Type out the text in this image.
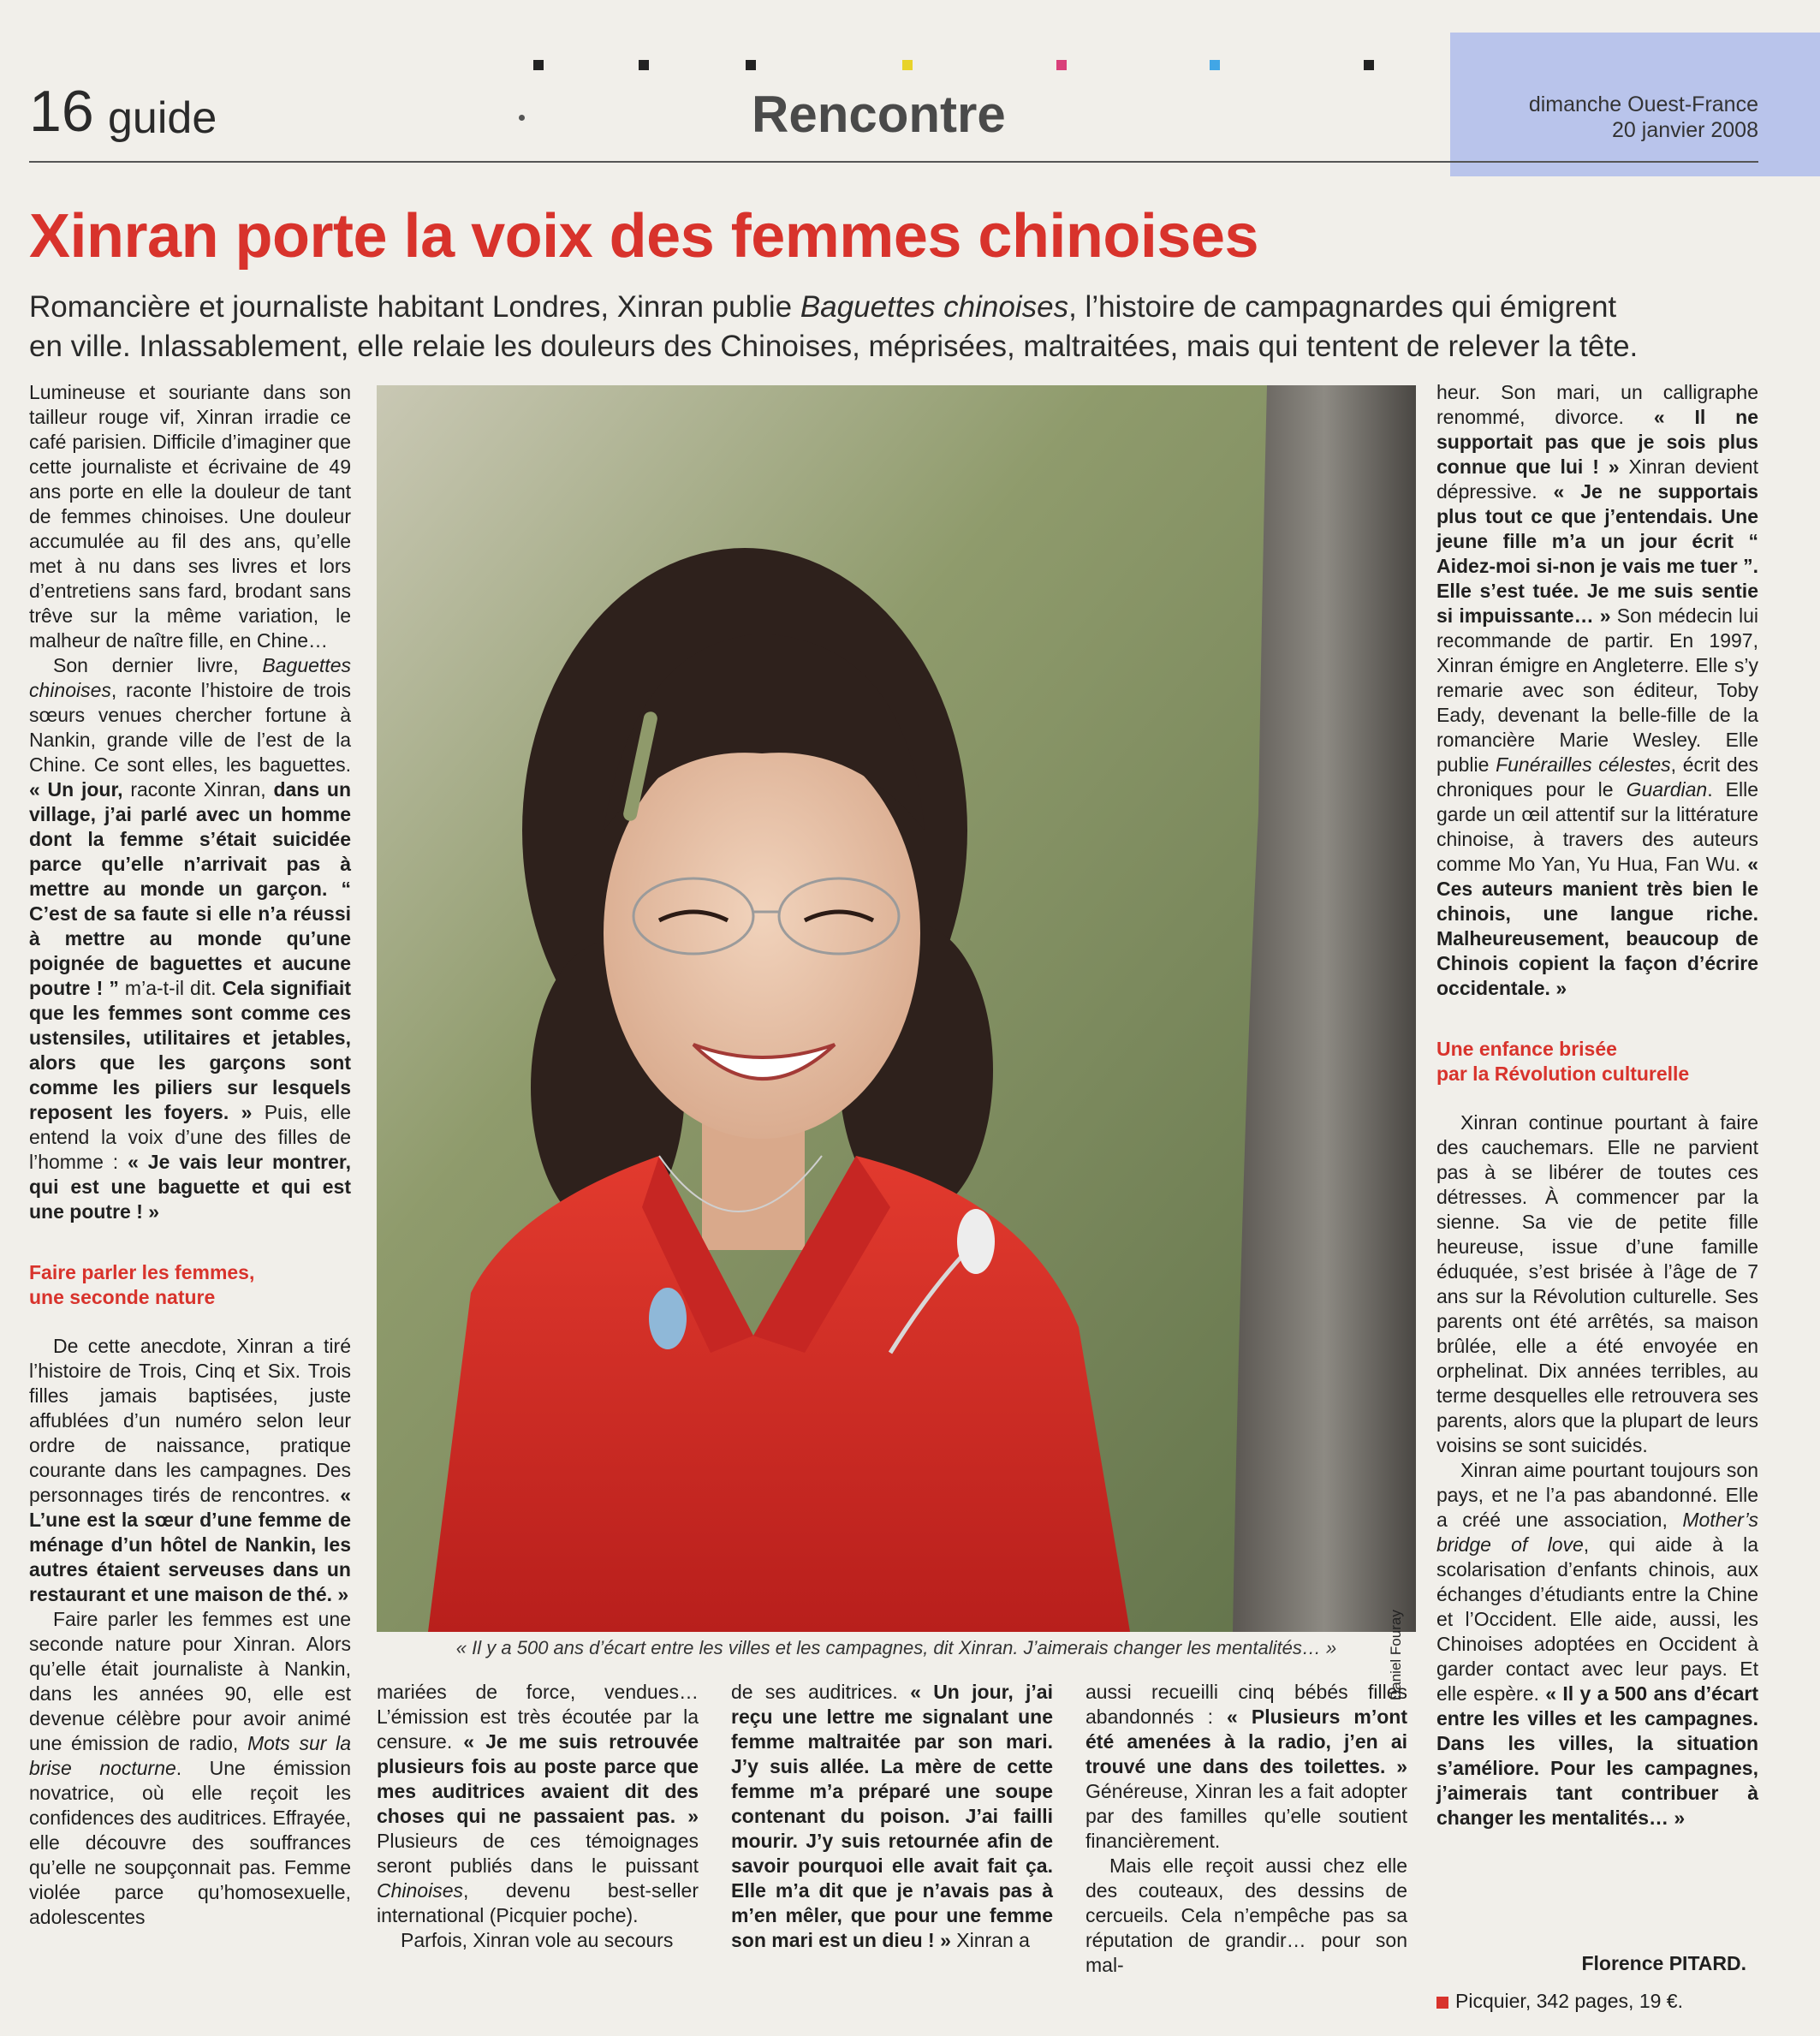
16 guide	Rencontre	dimanche Ouest-France
20 janvier 2008
Xinran porte la voix des femmes chinoises

Romancière et journaliste habitant Londres, Xinran publie Baguettes chinoises, l’histoire de campagnardes qui émigrent

en ville. Inlassablement, elle relaie les douleurs des Chinoises, méprisées, maltraitées, mais qui tentent de relever la tête.

Lumineuse et souriante dans son tailleur rouge vif, Xinran irradie ce café parisien. Difficile d’imaginer que cette journaliste et écrivaine de 49 ans porte en elle la douleur de tant de femmes chinoises. Une douleur accumulée au fil des ans, qu’elle met à nu dans ses livres et lors d’entretiens sans fard, brodant sans trêve sur la même variation, le malheur de naître fille, en Chine…

Son dernier livre, Baguettes chinoises, raconte l’histoire de trois sœurs venues chercher fortune à Nankin, grande ville de l’est de la Chine. Ce sont elles, les baguettes. « Un jour, raconte Xinran, dans un village, j’ai parlé avec un homme dont la femme s’était suicidée parce qu’elle n’arrivait pas à mettre au monde un garçon. “ C’est de sa faute si elle n’a réussi à mettre au monde qu’une poignée de baguettes et aucune poutre ! ” m’a-t-il dit. Cela signifiait que les femmes sont comme ces ustensiles, utilitaires et jetables, alors que les garçons sont comme les piliers sur lesquels reposent les foyers. » Puis, elle entend la voix d’une des filles de l’homme : « Je vais leur montrer, qui est une baguette et qui est une poutre ! »

Faire parler les femmes,
une seconde nature

De cette anecdote, Xinran a tiré l’histoire de Trois, Cinq et Six. Trois filles jamais baptisées, juste affublées d’un numéro selon leur ordre de naissance, pratique courante dans les campagnes. Des personnages tirés de rencontres. « L’une est la sœur d’une femme de ménage d’un hôtel de Nankin, les autres étaient serveuses dans un restaurant et une maison de thé. »

Faire parler les femmes est une seconde nature pour Xinran. Alors qu’elle était journaliste à Nankin, dans les années 90, elle est devenue célèbre pour avoir animé une émission de radio, Mots sur la brise nocturne. Une émission novatrice, où elle reçoit les confidences des auditrices. Effrayée, elle découvre des souffrances qu’elle ne soupçonnait pas. Femme violée parce qu’homosexuelle, adolescentes

Daniel Fouray
« Il y a 500 ans d’écart entre les villes et les campagnes, dit Xinran. J’aimerais changer les mentalités… »

mariées de force, vendues… L’émission est très écoutée par la censure. « Je me suis retrouvée plusieurs fois au poste parce que mes auditrices avaient dit des choses qui ne passaient pas. » Plusieurs de ces témoignages seront publiés dans le puissant Chinoises, devenu best-seller international (Picquier poche).

Parfois, Xinran vole au secours

de ses auditrices. « Un jour, j’ai reçu une lettre me signalant une femme maltraitée par son mari. J’y suis allée. La mère de cette femme m’a préparé une soupe contenant du poison. J’ai failli mourir. J’y suis retournée afin de savoir pourquoi elle avait fait ça. Elle m’a dit que je n’avais pas à m’en mêler, que pour une femme son mari est un dieu ! » Xinran a

aussi recueilli cinq bébés filles abandonnés : « Plusieurs m’ont été amenées à la radio, j’en ai trouvé une dans des toilettes. » Généreuse, Xinran les a fait adopter par des familles qu’elle soutient financièrement.

Mais elle reçoit aussi chez elle des couteaux, des dessins de cercueils. Cela n’empêche pas sa réputation de grandir… pour son mal-

heur. Son mari, un calligraphe renommé, divorce. « Il ne supportait pas que je sois plus connue que lui ! » Xinran devient dépressive. « Je ne supportais plus tout ce que j’entendais. Une jeune fille m’a un jour écrit “ Aidez-moi si-non je vais me tuer ”. Elle s’est tuée. Je me suis sentie si impuissante… » Son médecin lui recommande de partir. En 1997, Xinran émigre en Angleterre. Elle s’y remarie avec son éditeur, Toby Eady, devenant la belle-fille de la romancière Marie Wesley. Elle publie Funérailles célestes, écrit des chroniques pour le Guardian. Elle garde un œil attentif sur la littérature chinoise, à travers des auteurs comme Mo Yan, Yu Hua, Fan Wu. « Ces auteurs manient très bien le chinois, une langue riche. Malheureusement, beaucoup de Chinois copient la façon d’écrire occidentale. »

Une enfance brisée
par la Révolution culturelle

Xinran continue pourtant à faire des cauchemars. Elle ne parvient pas à se libérer de toutes ces détresses. À commencer par la sienne. Sa vie de petite fille heureuse, issue d’une famille éduquée, s’est brisée à l’âge de 7 ans sur la Révolution culturelle. Ses parents ont été arrêtés, sa maison brûlée, elle a été envoyée en orphelinat. Dix années terribles, au terme desquelles elle retrouvera ses parents, alors que la plupart de leurs voisins se sont suicidés.

Xinran aime pourtant toujours son pays, et ne l’a pas abandonné. Elle a créé une association, Mother’s bridge of love, qui aide à la scolarisation d’enfants chinois, aux échanges d’étudiants entre la Chine et l’Occident. Elle aide, aussi, les Chinoises adoptées en Occident à garder contact avec leur pays. Et elle espère. « Il y a 500 ans d’écart entre les villes et les campagnes. Dans les villes, la situation s’améliore. Pour les campagnes, j’aimerais tant contribuer à changer les mentalités… »

Florence PITARD.
Picquier, 342 pages, 19 €.
